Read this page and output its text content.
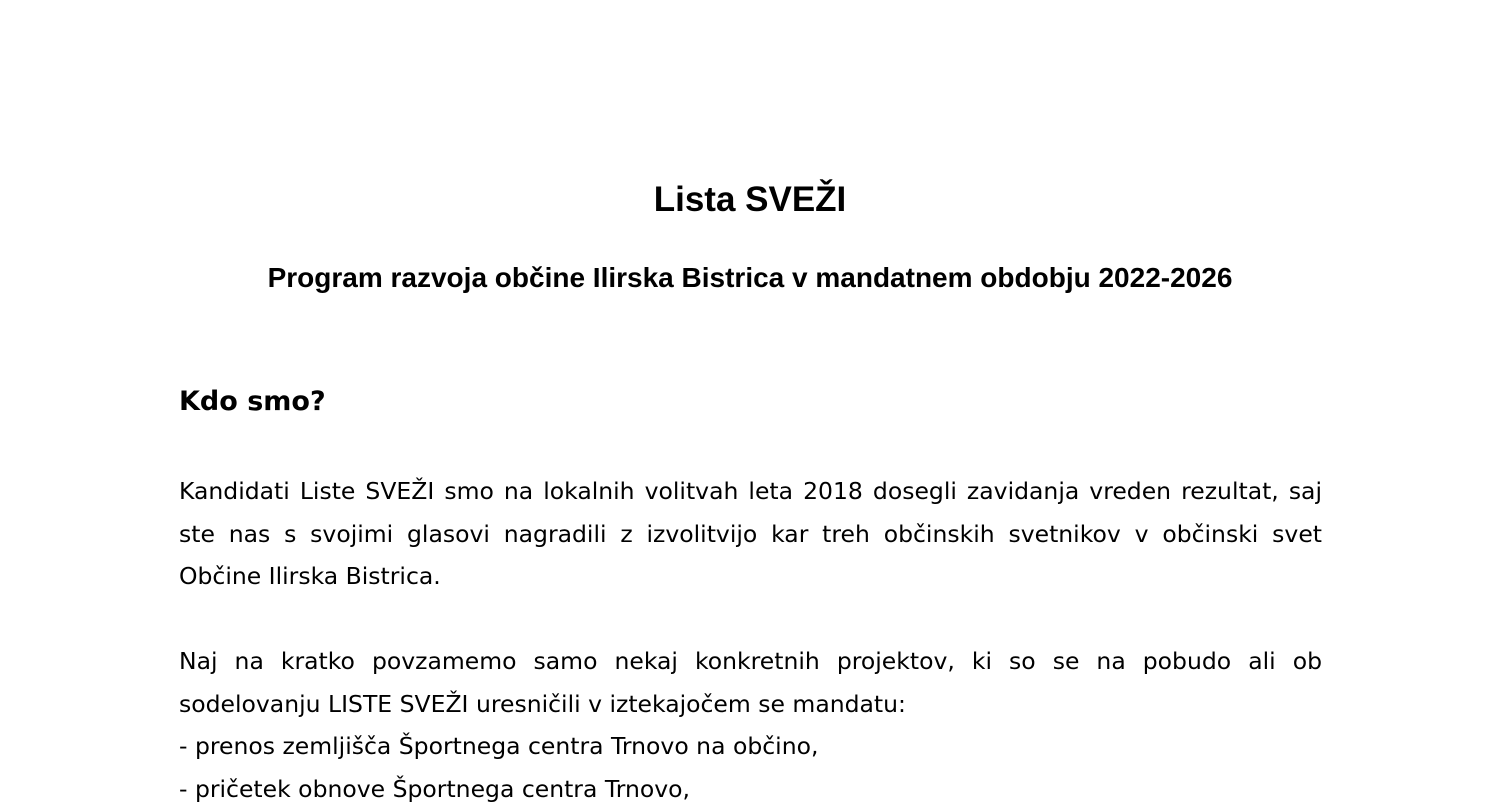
Lista SVEŽI
Program razvoja občine Ilirska Bistrica v mandatnem obdobju 2022-2026
Kdo smo?

Kandidati Liste SVEŽI smo na lokalnih volitvah leta 2018 dosegli zavidanja vreden rezultat, saj ste nas s svojimi glasovi nagradili z izvolitvijo kar treh občinskih svetnikov v občinski svet Občine Ilirska Bistrica.

Naj na kratko povzamemo samo nekaj konkretnih projektov, ki so se na pobudo ali ob sodelovanju LISTE SVEŽI uresničili v iztekajočem se mandatu:

- prenos zemljišča Športnega centra Trnovo na občino,
- pričetek obnove Športnega centra Trnovo,
